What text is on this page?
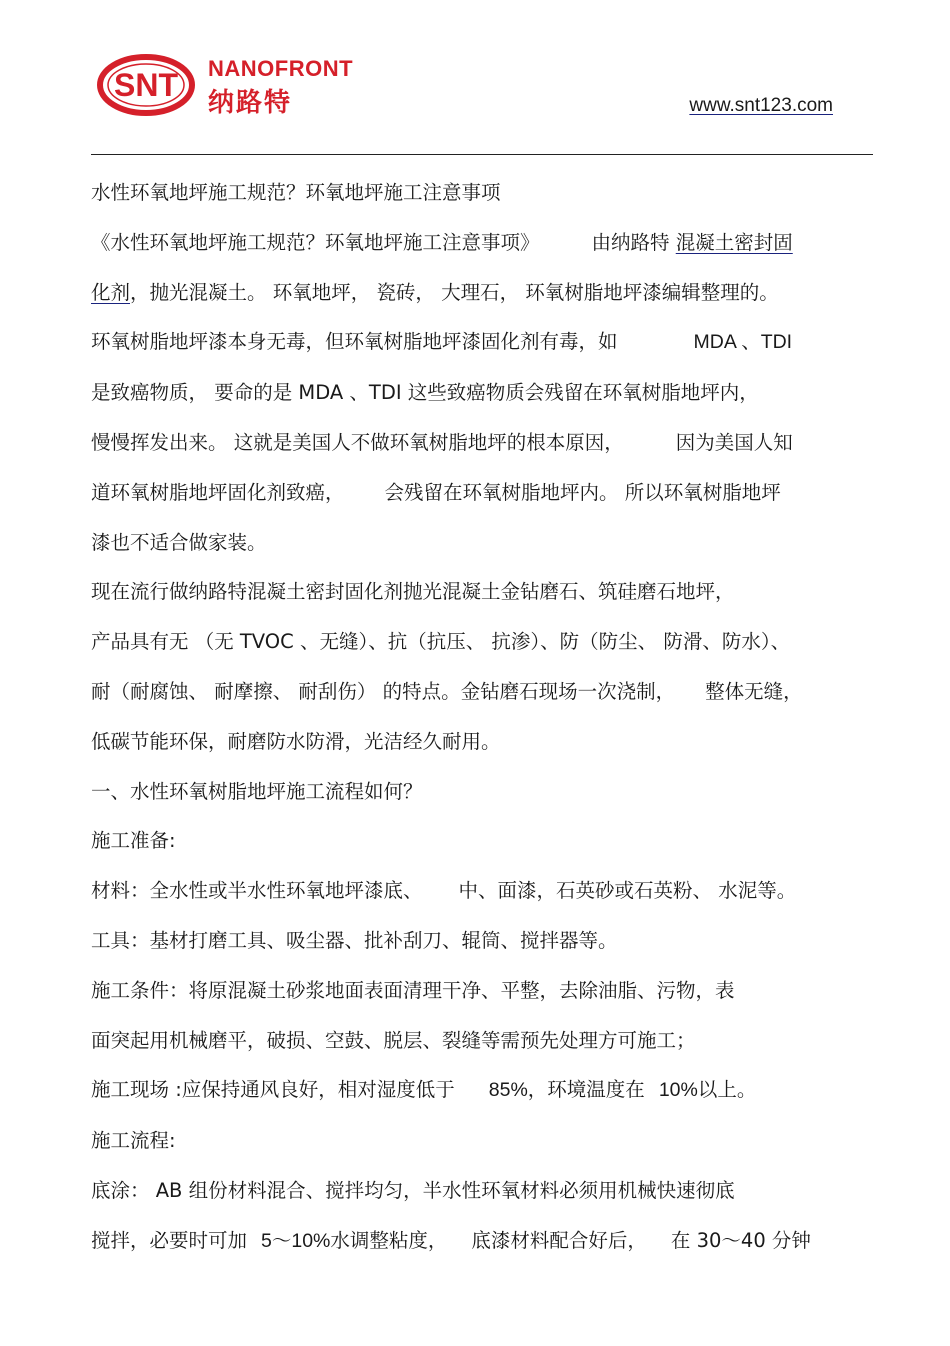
SNT NANOFRONT
纳路特	www.snt123.com

水性环氧地坪施工规范？环氧地坪施工注意事项

《水性环氧地坪施工规范？环氧地坪施工注意事项》	由纳路特 混凝土密封固

化剂，抛光混凝土。 环氧地坪， 瓷砖， 大理石， 环氧树脂地坪漆编辑整理的。

环氧树脂地坪漆本身无毒，但环氧树脂地坪漆固化剂有毒，如	MDA 、TDI

是致癌物质， 要命的是 MDA 、TDI 这些致癌物质会残留在环氧树脂地坪内，

慢慢挥发出来。 这就是美国人不做环氧树脂地坪的根本原因，	因为美国人知

道环氧树脂地坪固化剂致癌， 会残留在环氧树脂地坪内。 所以环氧树脂地坪

漆也不适合做家装。

现在流行做纳路特混凝土密封固化剂抛光混凝土金钻磨石、筑硅磨石地坪，

产品具有无 （无 TVOC 、无缝）、抗（抗压、 抗渗）、防（防尘、 防滑、防水）、

耐（耐腐蚀、 耐摩擦、 耐刮伤） 的特点。金钻磨石现场一次浇制， 整体无缝，

低碳节能环保，耐磨防水防滑，光洁经久耐用。

一、水性环氧树脂地坪施工流程如何？

施工准备:

材料：全水性或半水性环氧地坪漆底、 中、面漆，石英砂或石英粉、 水泥等。

工具：基材打磨工具、吸尘器、批补刮刀、辊筒、搅拌器等。

施工条件：将原混凝土砂浆地面表面清理干净、平整，去除油脂、污物，表

面突起用机械磨平，破损、空鼓、脱层、裂缝等需预先处理方可施工；

施工现场 :应保持通风良好，相对湿度低于 85%，环境温度在 10%以上。

施工流程:

底涂： AB 组份材料混合、搅拌均匀，半水性环氧材料必须用机械快速彻底

搅拌，必要时可加 5～10%水调整粘度， 底漆材料配合好后， 在 30～40 分钟
